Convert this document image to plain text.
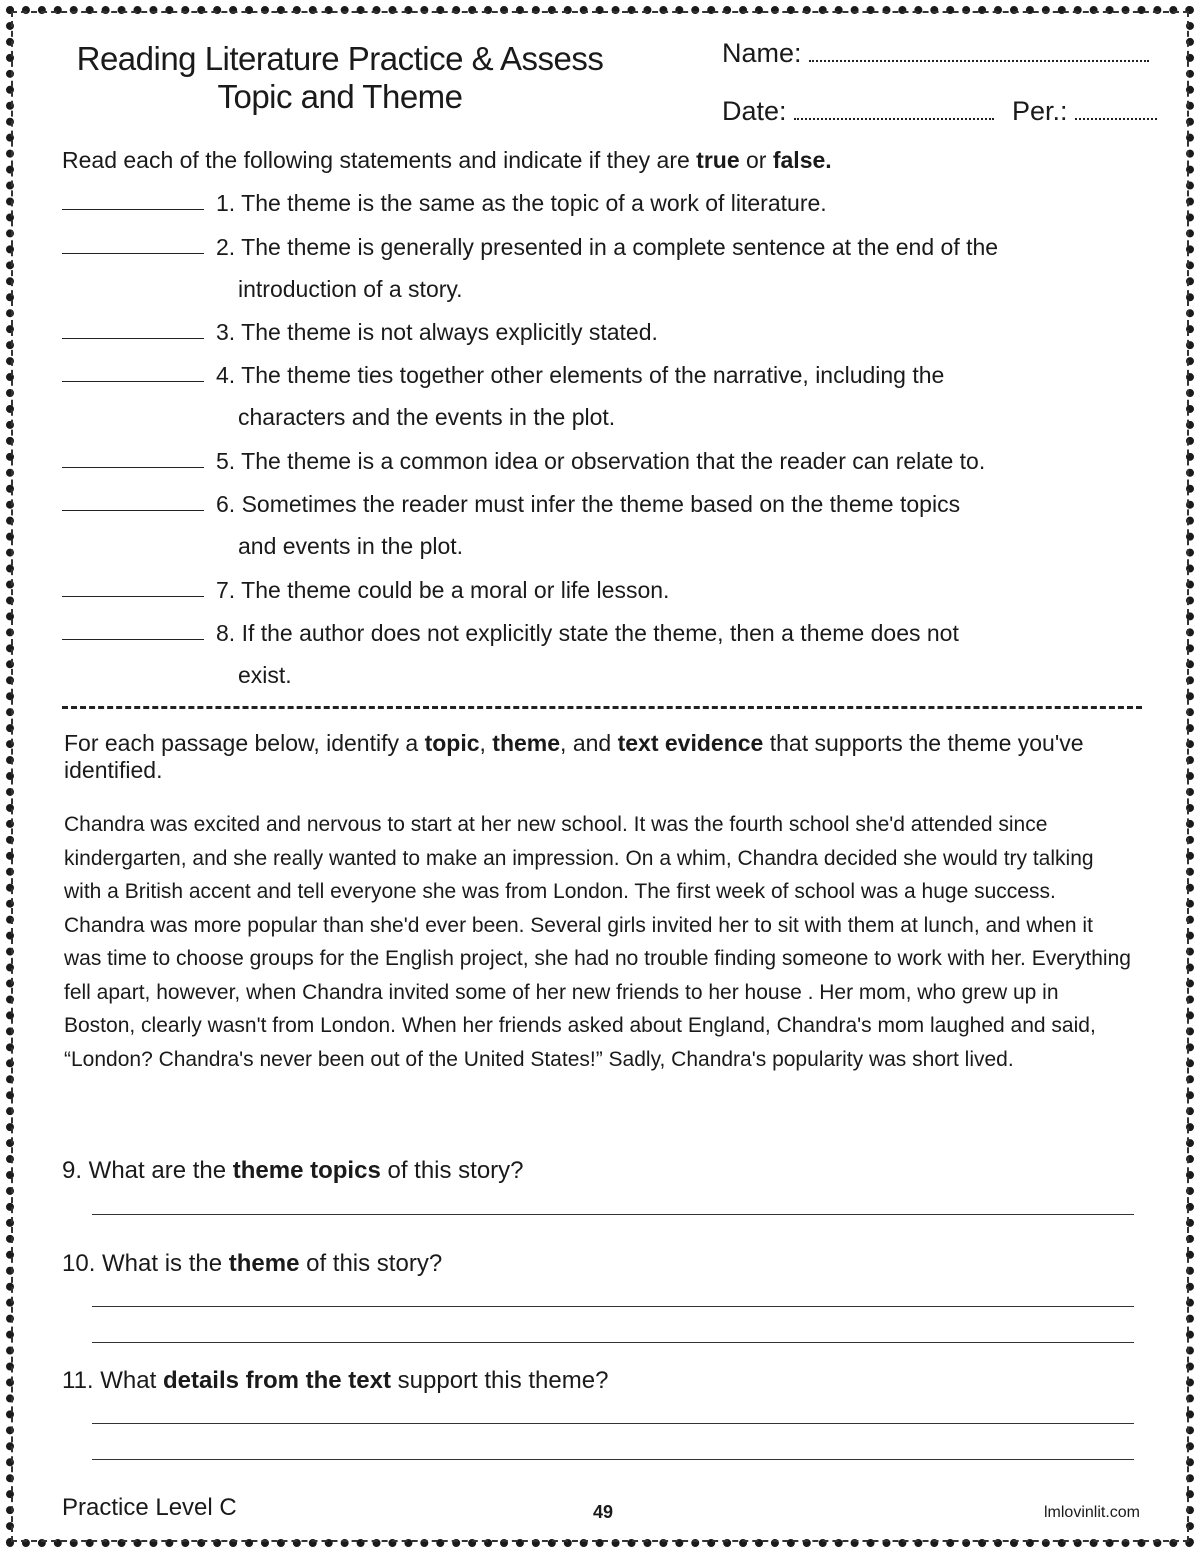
Reading Literature Practice & Assess
Topic and Theme
Name:
Date:	Per.:
Read each of the following statements and indicate if they are true or false.
1. The theme is the same as the topic of a work of literature.
2. The theme is generally presented in a complete sentence at the end of the
introduction of a story.
3. The theme is not always explicitly stated.
4. The theme ties together other elements of the narrative, including the
characters and the events in the plot.
5. The theme is a common idea or observation that the reader can relate to.
6. Sometimes the reader must infer the theme based on the theme topics
and events in the plot.
7. The theme could be a moral or life lesson.
8. If the author does not explicitly state the theme, then a theme does not
exist.
For each passage below, identify a topic, theme, and text evidence that supports the theme you've identified.
Chandra was excited and nervous to start at her new school. It was the fourth school she'd attended since kindergarten, and she really wanted to make an impression. On a whim, Chandra decided she would try talking with a British accent and tell everyone she was from London. The first week of school was a huge success. Chandra was more popular than she'd ever been. Several girls invited her to sit with them at lunch, and when it was time to choose groups for the English project, she had no trouble finding someone to work with her. Everything fell apart, however, when Chandra invited some of her new friends to her house . Her mom, who grew up in Boston, clearly wasn't from London. When her friends asked about England, Chandra's mom laughed and said, “London? Chandra's never been out of the United States!” Sadly, Chandra's popularity was short lived.
9. What are the theme topics of this story?
10. What is the theme of this story?
11. What details from the text support this theme?
Practice Level C	49	lmlovinlit.com
